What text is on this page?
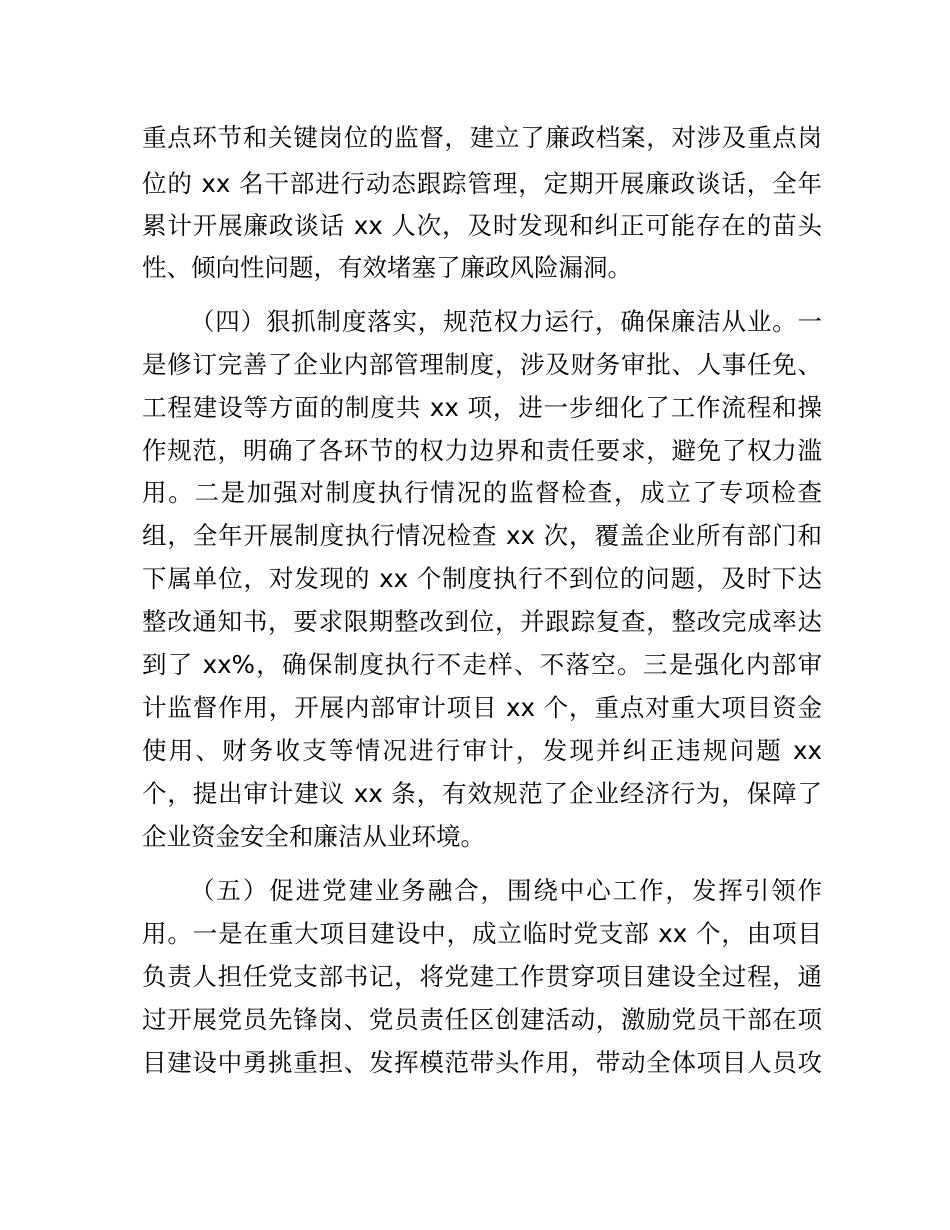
重点环节和关键岗位的监督，建立了廉政档案，对涉及重点岗
位的 xx 名干部进行动态跟踪管理，定期开展廉政谈话，全年
累计开展廉政谈话 xx 人次，及时发现和纠正可能存在的苗头
性、倾向性问题，有效堵塞了廉政风险漏洞。
（四）狠抓制度落实，规范权力运行，确保廉洁从业。一
是修订完善了企业内部管理制度，涉及财务审批、人事任免、
工程建设等方面的制度共 xx 项，进一步细化了工作流程和操
作规范，明确了各环节的权力边界和责任要求，避免了权力滥
用。二是加强对制度执行情况的监督检查，成立了专项检查
组，全年开展制度执行情况检查 xx 次，覆盖企业所有部门和
下属单位，对发现的 xx 个制度执行不到位的问题，及时下达
整改通知书，要求限期整改到位，并跟踪复查，整改完成率达
到了 xx%，确保制度执行不走样、不落空。三是强化内部审
计监督作用，开展内部审计项目 xx 个，重点对重大项目资金
使用、财务收支等情况进行审计，发现并纠正违规问题 xx
个，提出审计建议 xx 条，有效规范了企业经济行为，保障了
企业资金安全和廉洁从业环境。
（五）促进党建业务融合，围绕中心工作，发挥引领作
用。一是在重大项目建设中，成立临时党支部 xx 个，由项目
负责人担任党支部书记，将党建工作贯穿项目建设全过程，通
过开展党员先锋岗、党员责任区创建活动，激励党员干部在项
目建设中勇挑重担、发挥模范带头作用，带动全体项目人员攻
